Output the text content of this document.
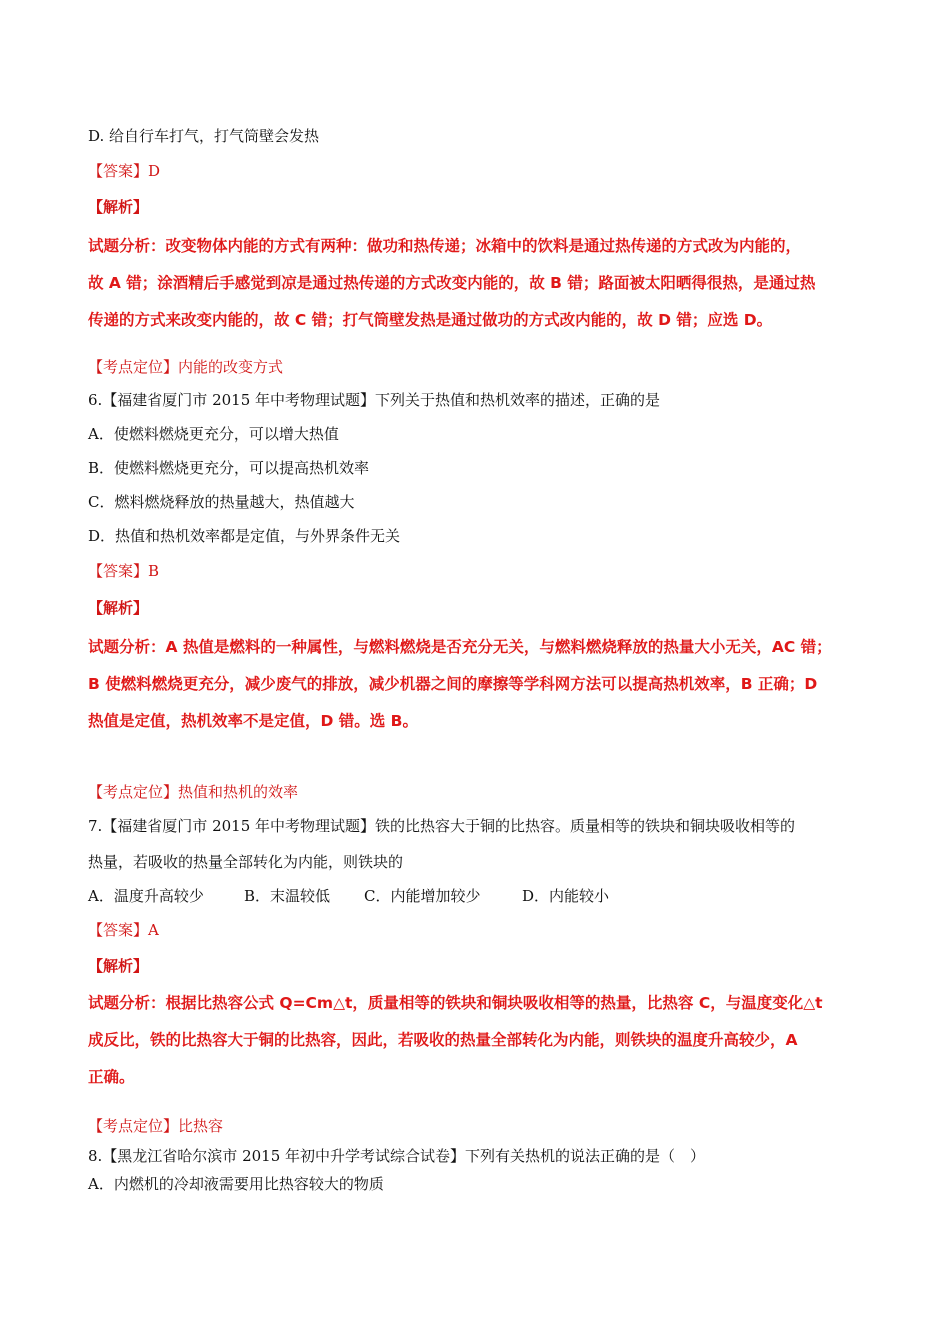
D. 给自行车打气，打气筒壁会发热
【答案】D
【解析】
试题分析：改变物体内能的方式有两种：做功和热传递；冰箱中的饮料是通过热传递的方式改为内能的，
故 A 错；涂酒精后手感觉到凉是通过热传递的方式改变内能的，故 B 错；路面被太阳晒得很热，是通过热
传递的方式来改变内能的，故 C 错；打气筒壁发热是通过做功的方式改内能的，故 D 错；应选 D。
【考点定位】内能的改变方式
6.【福建省厦门市 2015 年中考物理试题】下列关于热值和热机效率的描述，正确的是
A．使燃料燃烧更充分，可以增大热值
B．使燃料燃烧更充分，可以提高热机效率
C．燃料燃烧释放的热量越大，热值越大
D．热值和热机效率都是定值，与外界条件无关
【答案】B
【解析】
试题分析：A 热值是燃料的一种属性，与燃料燃烧是否充分无关，与燃料燃烧释放的热量大小无关，AC 错；
B 使燃料燃烧更充分，减少废气的排放，减少机器之间的摩擦等学科网方法可以提高热机效率，B 正确；D
热值是定值，热机效率不是定值，D 错。选 B。
【考点定位】热值和热机的效率
7.【福建省厦门市 2015 年中考物理试题】铁的比热容大于铜的比热容。质量相等的铁块和铜块吸收相等的
热量，若吸收的热量全部转化为内能，则铁块的
A．温度升高较少	B．末温较低 C．内能增加较少	D．内能较小
【答案】A
【解析】
试题分析：根据比热容公式 Q=Cm△t，质量相等的铁块和铜块吸收相等的热量，比热容 C，与温度变化△t
成反比，铁的比热容大于铜的比热容，因此，若吸收的热量全部转化为内能，则铁块的温度升高较少，A
正确。
【考点定位】比热容
8.【黑龙江省哈尔滨市 2015 年初中升学考试综合试卷】下列有关热机的说法正确的是（　）
A．内燃机的冷却液需要用比热容较大的物质
